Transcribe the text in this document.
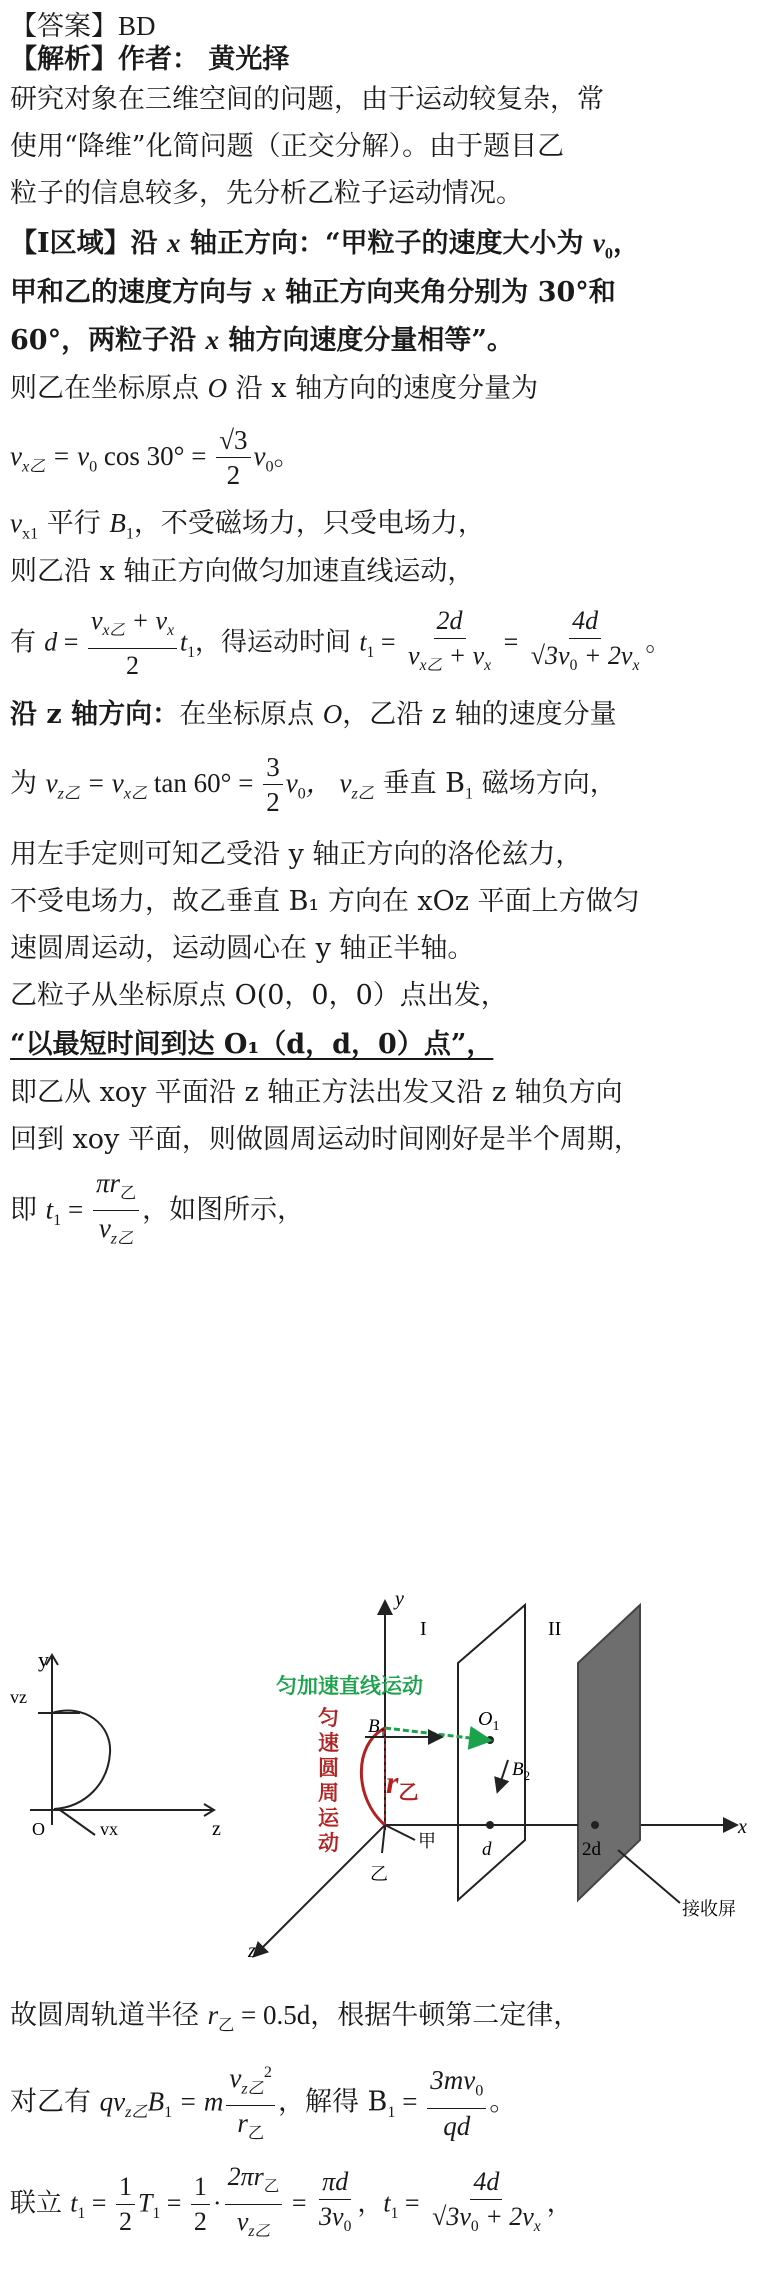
【答案】BD
【解析】作者： 黄光择
研究对象在三维空间的问题，由于运动较复杂，常
使用“降维”化简问题（正交分解）。由于题目乙
粒子的信息较多，先分析乙粒子运动情况。
【I区域】沿 x 轴正方向：“甲粒子的速度大小为 $v_0$，
甲和乙的速度方向与 x 轴正方向夹角分别为 30°和
60°，两粒子沿 x 轴方向速度分量相等”。
则乙在坐标原点 O 沿 x 轴方向的速度分量为
$v_{x乙} = v_0$ $\cos 30^\circ = \frac{√3}{2} v_0$。
$v_{x1}$ 平行 $B_1$，不受磁场力，只受电场力，
则乙沿 x 轴正方向做匀加速直线运动，
有 $d = \frac{v_{x乙} + v_x}{2} t_1$，得运动时间 $t_1 = \frac{2d}{v_{x乙} + v_x} = \frac{4d}{√3v_0 + 2v_x}$ 。
沿 z 轴方向：在坐标原点 O，乙沿 z 轴的速度分量
为 $v_{z乙} = v_{x乙}$ $\tan 60^\circ = \frac{3}{2} v_0$， $v_{z乙}$ 垂直 $B_1$ 磁场方向，
用左手定则可知乙受沿 y 轴正方向的洛伦兹力，
不受电场力，故乙垂直 B₁ 方向在 xOz 平面上方做匀
速圆周运动，运动圆心在 y 轴正半轴。
乙粒子从坐标原点 O(0，0，0）点出发，
“以最短时间到达 O₁（d，d，0）点”，
即乙从 xoy 平面沿 z 轴正方法出发又沿 z 轴负方向
回到 xoy 平面，则做圆周运动时间刚好是半个周期，
即 $t_1 = \frac{\pi r_乙}{v_{z乙}}$ ，如图所示，
y
vz
O	vx	z
y
I	II
匀加速直线运动
匀
速
圆
周
运
动
$O_1$
$B_1$
$B_2$
r乙
甲
乙
d	2d
x
z
接收屏
故圆周轨道半径 $r_乙 = 0.5d$，根据牛顿第二定律，
对乙有 $qv_{z乙}B_1 = m \frac{v_{z乙}^2}{r_乙}$ ，解得 $B_1 = \frac{3mv_0}{qd}$ 。
联立 $t_1 = \frac{1}{2} T_1 = \frac{1}{2} \cdot \frac{2\pi r_乙}{v_{z乙}} = \frac{\pi d}{3v_0}$ ，$t_1 = \frac{4d}{√3v_0 + 2v_x}$ ，
